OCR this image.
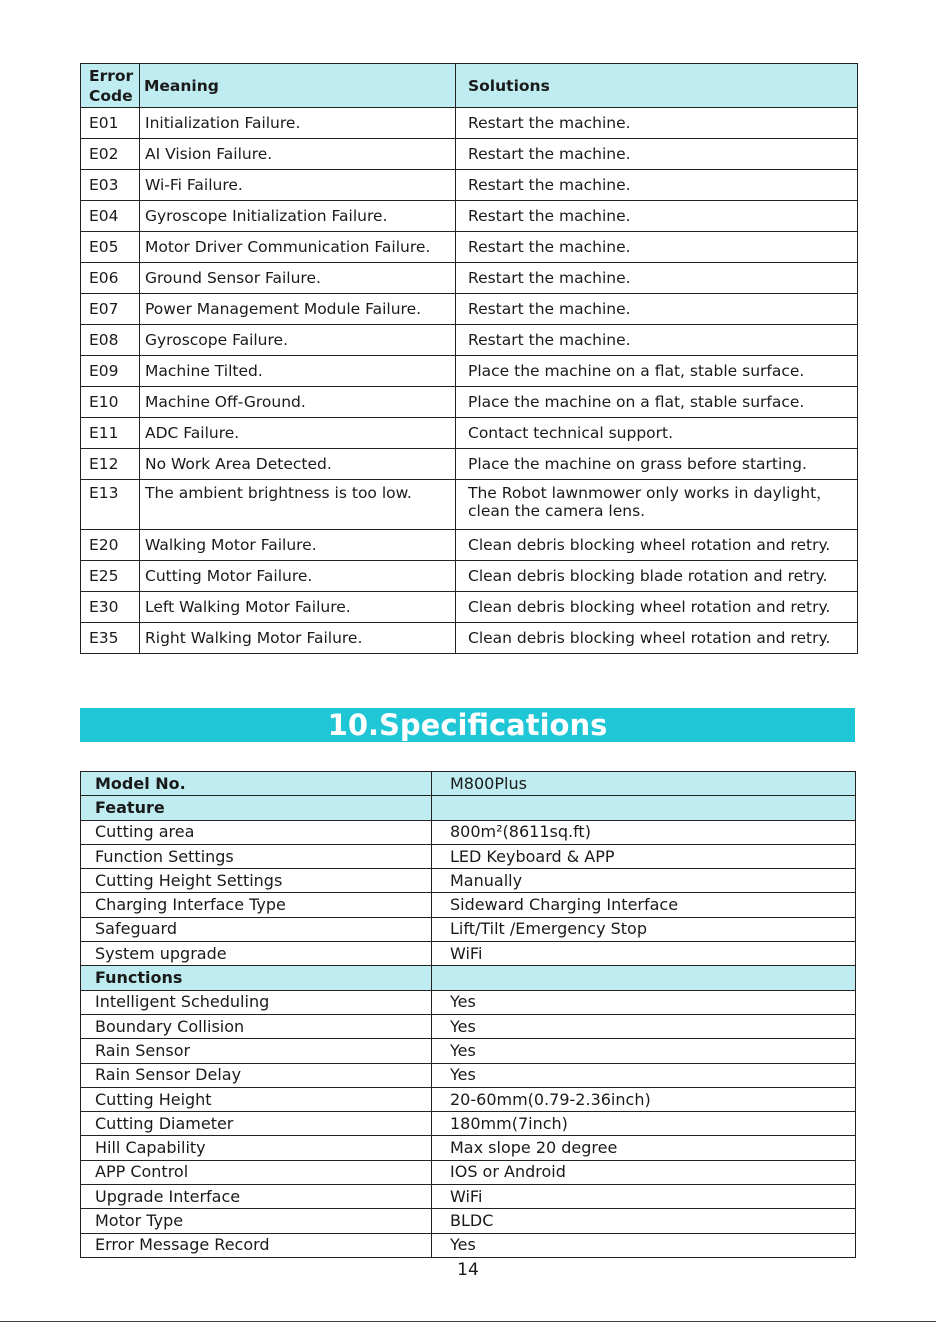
Error
Code	Meaning	Solutions
E01	Initialization Failure.	Restart the machine.
E02	AI Vision Failure.	Restart the machine.
E03	Wi-Fi Failure.	Restart the machine.
E04	Gyroscope Initialization Failure.	Restart the machine.
E05	Motor Driver Communication Failure.	Restart the machine.
E06	Ground Sensor Failure.	Restart the machine.
E07	Power Management Module Failure.	Restart the machine.
E08	Gyroscope Failure.	Restart the machine.
E09	Machine Tilted.	Place the machine on a flat, stable surface.
E10	Machine Off-Ground.	Place the machine on a flat, stable surface.
E11	ADC Failure.	Contact technical support.
E12	No Work Area Detected.	Place the machine on grass before starting.
E13	The ambient brightness is too low.	The Robot lawnmower only works in daylight，
clean the camera lens.
E20	Walking Motor Failure.	Clean debris blocking wheel rotation and retry.
E25	Cutting Motor Failure.	Clean debris blocking blade rotation and retry.
E30	Left Walking Motor Failure.	Clean debris blocking wheel rotation and retry.
E35	Right Walking Motor Failure.	Clean debris blocking wheel rotation and retry.
10.Specifications
Model No.	M800Plus
Feature	
Cutting area	800m²(8611sq.ft)
Function Settings	LED Keyboard & APP
Cutting Height Settings	Manually
Charging Interface Type	Sideward Charging Interface
Safeguard	Lift/Tilt /Emergency Stop
System upgrade	WiFi
Functions	
Intelligent Scheduling	Yes
Boundary Collision	Yes
Rain Sensor	Yes
Rain Sensor Delay	Yes
Cutting Height	20-60mm(0.79-2.36inch)
Cutting Diameter	180mm(7inch)
Hill Capability	Max slope 20 degree
APP Control	IOS or Android
Upgrade Interface	WiFi
Motor Type	BLDC
Error Message Record	Yes
14
